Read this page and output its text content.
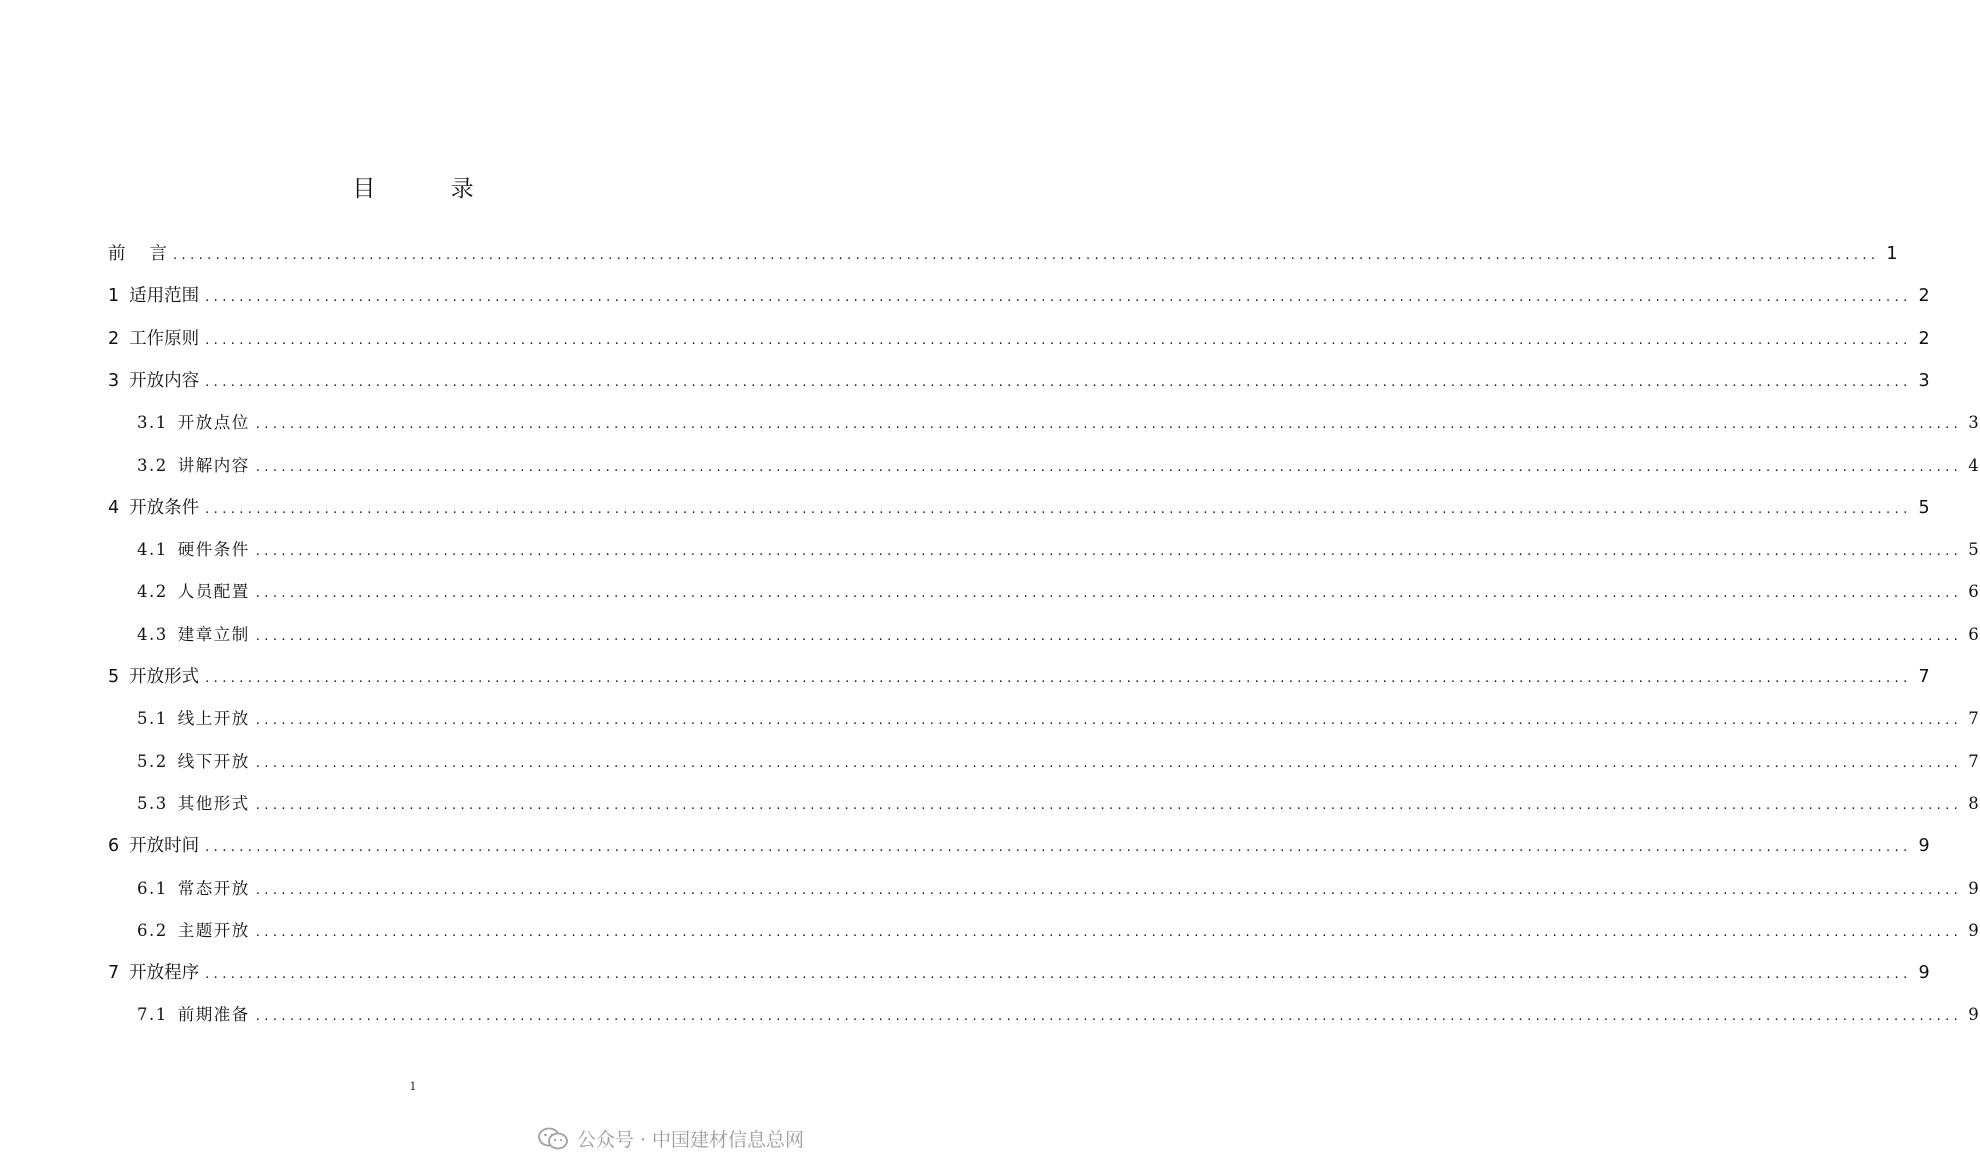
目 录
前 言 ........................................................................................................................................................................................................ 1
1 适用范围 ........................................................................................................................................................................................................ 2
2 工作原则 ........................................................................................................................................................................................................ 2
3 开放内容 ........................................................................................................................................................................................................ 3
3.1 开放点位 ........................................................................................................................................................................................................ 3
3.2 讲解内容 ........................................................................................................................................................................................................ 4
4 开放条件 ........................................................................................................................................................................................................ 5
4.1 硬件条件 ........................................................................................................................................................................................................ 5
4.2 人员配置 ........................................................................................................................................................................................................ 6
4.3 建章立制 ........................................................................................................................................................................................................ 6
5 开放形式 ........................................................................................................................................................................................................ 7
5.1 线上开放 ........................................................................................................................................................................................................ 7
5.2 线下开放 ........................................................................................................................................................................................................ 7
5.3 其他形式 ........................................................................................................................................................................................................ 8
6 开放时间 ........................................................................................................................................................................................................ 9
6.1 常态开放 ........................................................................................................................................................................................................ 9
6.2 主题开放 ........................................................................................................................................................................................................ 9
7 开放程序 ........................................................................................................................................................................................................ 9
7.1 前期准备 ........................................................................................................................................................................................................ 9
1
公众号 · 中国建材信息总网
